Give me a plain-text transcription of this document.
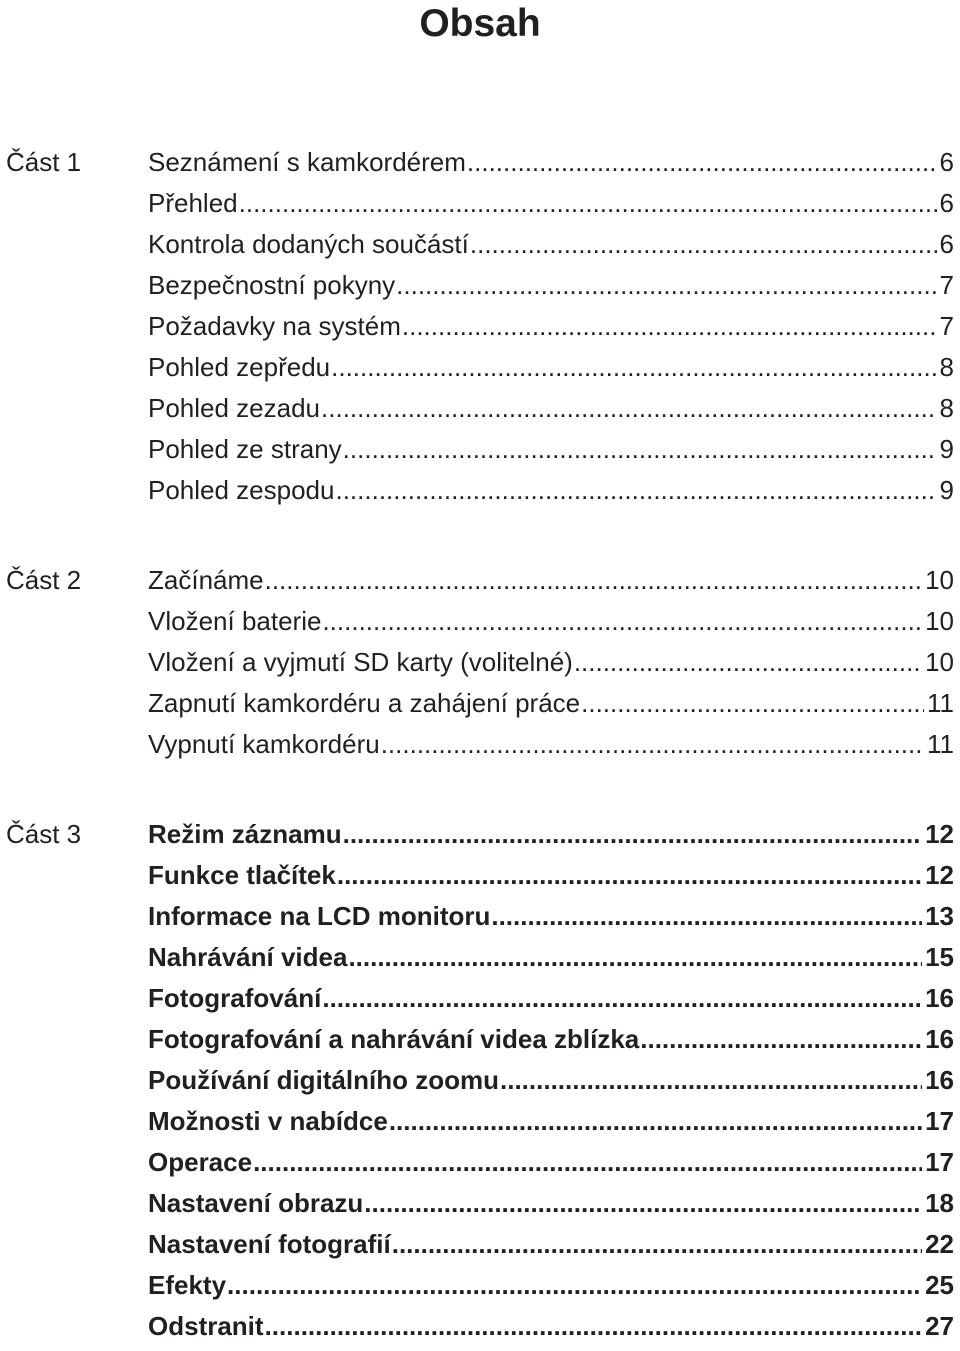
Obsah
Část 1	Seznámení s kamkordérem .....	6
Přehled .....	6
Kontrola dodaných součástí .....	6
Bezpečnostní pokyny .....	7
Požadavky na systém .....	7
Pohled zepředu .....	8
Pohled zezadu .....	8
Pohled ze strany .....	9
Pohled zespodu .....	9
Část 2	Začínáme .....	10
Vložení baterie .....	10
Vložení a vyjmutí SD karty (volitelné) .....	10
Zapnutí kamkordéru a zahájení práce .....	11
Vypnutí kamkordéru .....	11
Část 3	Režim záznamu .....	12
Funkce tlačítek .....	12
Informace na LCD monitoru .....	13
Nahrávání videa .....	15
Fotografování .....	16
Fotografování a nahrávání videa zblízka .....	16
Používání digitálního zoomu .....	16
Možnosti v nabídce .....	17
Operace .....	17
Nastavení obrazu .....	18
Nastavení fotografií .....	22
Efekty .....	25
Odstranit .....	27
